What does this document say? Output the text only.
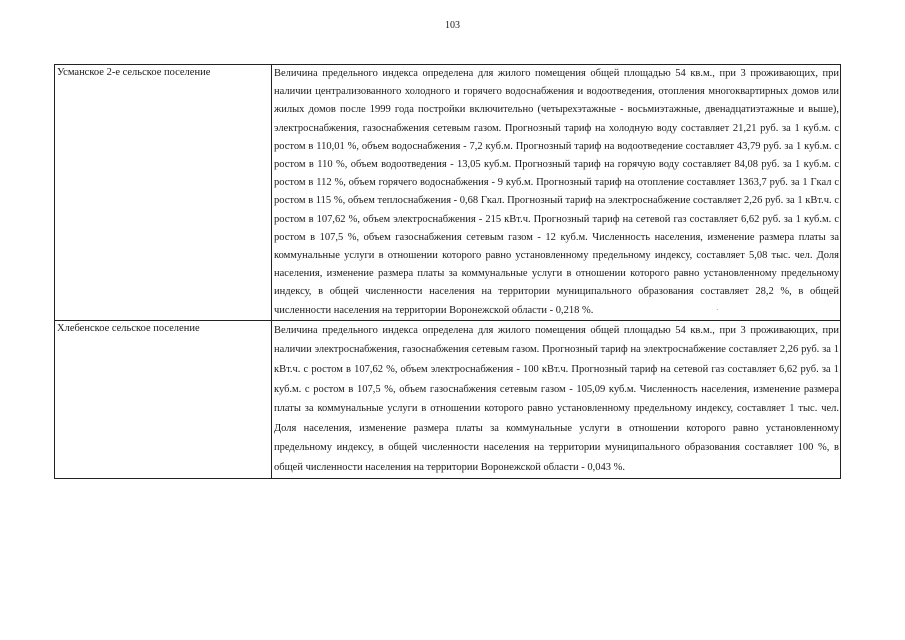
103
Усманское 2-е сельское поселение	Величина предельного индекса определена для жилого помещения общей площадью 54 кв.м., при 3 проживающих, при наличии централизованного холодного и горячего водоснабжения и водоотведения, отопления многоквартирных домов или жилых домов после 1999 года постройки включительно (четырехэтажные - восьмиэтажные, двенадцатиэтажные и выше), электроснабжения, газоснабжения сетевым газом. Прогнозный тариф на холодную воду составляет 21,21 руб. за 1 куб.м. с ростом в 110,01 %, объем водоснабжения - 7,2 куб.м. Прогнозный тариф на водоотведение составляет 43,79 руб. за 1 куб.м. с ростом в 110 %, объем водоотведения - 13,05 куб.м. Прогнозный тариф на горячую воду составляет 84,08 руб. за 1 куб.м. с ростом в 112 %, объем горячего водоснабжения - 9 куб.м. Прогнозный тариф на отопление составляет 1363,7 руб. за 1 Гкал с ростом в 115 %, объем теплоснабжения - 0,68 Гкал. Прогнозный тариф на электроснабжение составляет 2,26 руб. за 1 кВт.ч. с ростом в 107,62 %, объем электроснабжения - 215 кВт.ч. Прогнозный тариф на сетевой газ составляет 6,62 руб. за 1 куб.м. с ростом в 107,5 %, объем газоснабжения сетевым газом - 12 куб.м. Численность населения, изменение размера платы за коммунальные услуги в отношении которого равно установленному предельному индексу, составляет 5,08 тыс. чел. Доля населения, изменение размера платы за коммунальные услуги в отношении которого равно установленному предельному индексу, в общей численности населения на территории муниципального образования составляет 28,2 %, в общей численности населения на территории Воронежской области - 0,218 %.

Хлебенское сельское поселение	Величина предельного индекса определена для жилого помещения общей площадью 54 кв.м., при 3 проживающих, при наличии электроснабжения, газоснабжения сетевым газом. Прогнозный тариф на электроснабжение составляет 2,26 руб. за 1 кВт.ч. с ростом в 107,62 %, объем электроснабжения - 100 кВт.ч. Прогнозный тариф на сетевой газ составляет 6,62 руб. за 1 куб.м. с ростом в 107,5 %, объем газоснабжения сетевым газом - 105,09 куб.м. Численность населения, изменение размера платы за коммунальные услуги в отношении которого равно установленному предельному индексу, составляет 1 тыс. чел. Доля населения, изменение размера платы за коммунальные услуги в отношении которого равно установленному предельному индексу, в общей численности населения на территории муниципального образования составляет 100 %, в общей численности населения на территории Воронежской области - 0,043 %.

˙
